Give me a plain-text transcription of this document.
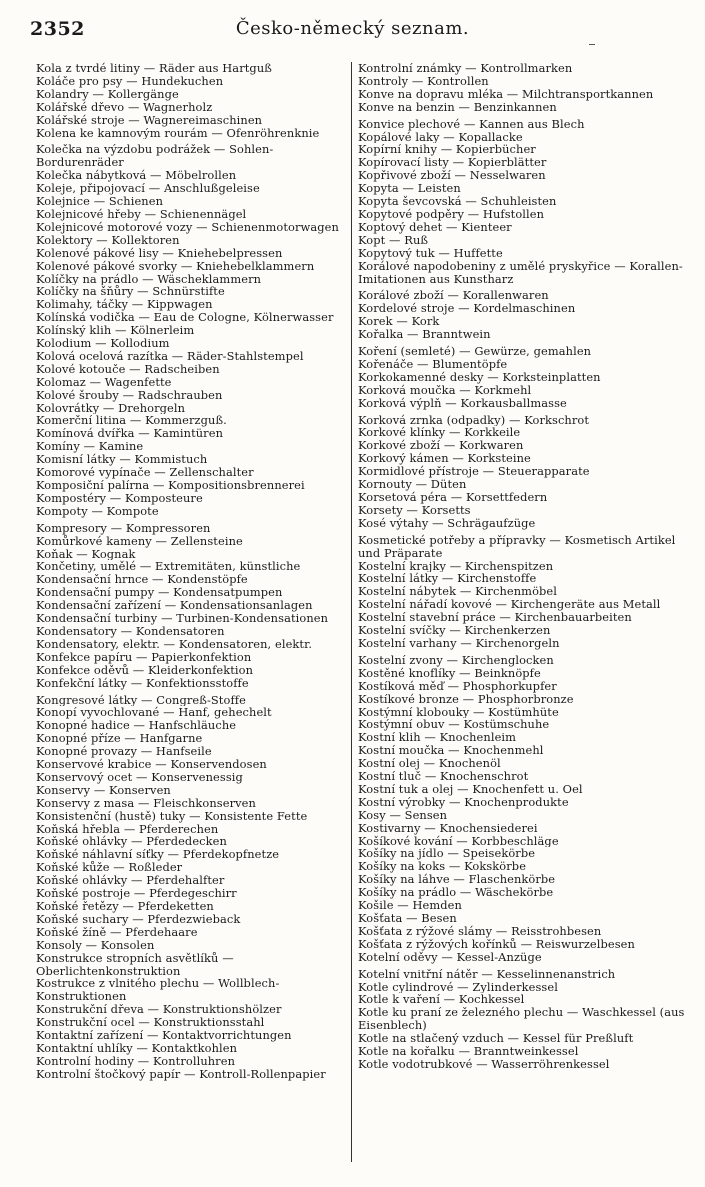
2352	Česko-německý seznam.

Kola z tvrdé litiny — Räder aus Hartguß

Koláče pro psy — Hundekuchen

Kolandry — Kollergänge

Kolářské dřevo — Wagnerholz

Kolářské stroje — Wagnereimaschinen

Kolena ke kamnovým rourám — Ofenröhrenknie

Kolečka na výzdobu podrážek — Sohlen-Bordurenräder

Kolečka nábytková — Möbelrollen

Koleje, připojovací — Anschlußgeleise

Kolejnice — Schienen

Kolejnicové hřeby — Schienennägel

Kolejnicové motorové vozy — Schienenmotorwagen

Kolektory — Kollektoren

Kolenové pákové lisy — Kniehebelpressen

Kolenové pákové svorky — Kniehebelklammern

Kolíčky na prádlo — Wäscheklammern

Kolíčky na šňůry — Schnürstifte

Kolimahy, táčky — Kippwagen

Kolínská vodička — Eau de Cologne, Kölnerwasser

Kolínský klih — Kölnerleim

Kolodium — Kollodium

Kolová ocelová razítka — Räder-Stahlstempel

Kolové kotouče — Radscheiben

Kolomaz — Wagenfette

Kolové šrouby — Radschrauben

Kolovrátky — Drehorgeln

Komerční litina — Kommerzguß.

Komínová dvířka — Kamintüren

Komíny — Kamine

Komisní látky — Kommistuch

Komorové vypínače — Zellenschalter

Komposiční palírna — Kompositionsbrennerei

Kompostéry — Komposteure

Kompoty — Kompote

Kompresory — Kompressoren

Komůrkové kameny — Zellensteine

Koňak — Kognak

Končetiny, umělé — Extremitäten, künstliche

Kondensační hrnce — Kondenstöpfe

Kondensační pumpy — Kondensatpumpen

Kondensační zařízení — Kondensationsanlagen

Kondensační turbiny — Turbinen-Kondensationen

Kondensatory — Kondensatoren

Kondensatory, elektr. — Kondensatoren, elektr.

Konfekce papíru — Papierkonfektion

Konfekce oděvů — Kleiderkonfektion

Konfekční látky — Konfektionsstoffe

Kongresové látky — Congreß-Stoffe

Konopí vyvochlované — Hanf, gehechelt

Konopné hadice — Hanfschläuche

Konopné příze — Hanfgarne

Konopné provazy — Hanfseile

Konservové krabice — Konservendosen

Konservový ocet — Konservenessig

Konservy — Konserven

Konservy z masa — Fleischkonserven

Konsistenční (hustě) tuky — Konsistente Fette

Koňská hřebla — Pferderechen

Koňské ohlávky — Pferdedecken

Koňské náhlavní síťky — Pferdekopfnetze

Koňské kůže — Roßleder

Koňské ohlávky — Pferdehalfter

Koňské postroje — Pferdegeschirr

Koňské řetězy — Pferdeketten

Koňské suchary — Pferdezwieback

Koňské žíně — Pferdehaare

Konsoly — Konsolen

Konstrukce stropních asvětlíků — Oberlichtenkonstruktion

Kostrukce z vlnitého plechu — Wollblech-Konstruktionen

Konstrukční dřeva — Konstruktionshölzer

Konstrukční ocel — Konstruktionsstahl

Kontaktní zařízení — Kontaktvorrichtungen

Kontaktní uhlíky — Kontaktkohlen

Kontrolní hodiny — Kontrolluhren

Kontrolní štočkový papír — Kontroll-Rollenpapier

Kontrolní známky — Kontrollmarken

Kontroly — Kontrollen

Konve na dopravu mléka — Milchtransportkannen

Konve na benzin — Benzinkannen

Konvice plechové — Kannen aus Blech

Kopálové laky — Kopallacke

Kopírní knihy — Kopierbücher

Kopírovací listy — Kopierblätter

Kopřivové zboží — Nesselwaren

Kopyta — Leisten

Kopyta ševcovská — Schuhleisten

Kopytové podpěry — Hufstollen

Koptový dehet — Kienteer

Kopt — Ruß

Kopytový tuk — Huffette

Korálové napodobeniny z umělé pryskyřice — Korallen-Imitationen aus Kunstharz

Korálové zboží — Korallenwaren

Kordelové stroje — Kordelmaschinen

Korek — Kork

Kořalka — Branntwein

Koření (semleté) — Gewürze, gemahlen

Kořenáče — Blumentöpfe

Korkokamenné desky — Korksteinplatten

Korková moučka — Korkmehl

Korková výplň — Korkausballmasse

Korková zrnka (odpadky) — Korkschrot

Korkové klínky — Korkkeile

Korkové zboží — Korkwaren

Korkový kámen — Korksteine

Kormidlové přístroje — Steuerapparate

Kornouty — Düten

Korsetová péra — Korsettfedern

Korsety — Korsetts

Kosé výtahy — Schrägaufzüge

Kosmetické potřeby a přípravky — Kosmetisch Artikel und Präparate

Kostelní krajky — Kirchenspitzen

Kostelní látky — Kirchenstoffe

Kostelní nábytek — Kirchenmöbel

Kostelní nářadí kovové — Kirchengeräte aus Metall

Kostelní stavební práce — Kirchenbauarbeiten

Kostelní svíčky — Kirchenkerzen

Kostelní varhany — Kirchenorgeln

Kostelní zvony — Kirchenglocken

Kostěné knoflíky — Beinknöpfe

Kostíková měď — Phosphorkupfer

Kostíkové bronze — Phosphorbronze

Kostýmní klobouky — Kostümhüte

Kostýmní obuv — Kostümschuhe

Kostní klih — Knochenleim

Kostní moučka — Knochenmehl

Kostní olej — Knochenöl

Kostní tluč — Knochenschrot

Kostní tuk a olej — Knochenfett u. Oel

Kostní výrobky — Knochenprodukte

Kosy — Sensen

Kostivarny — Knochensiederei

Košíkové kování — Korbbeschläge

Košíky na jídlo — Speisekörbe

Košíky na koks — Kokskörbe

Košíky na láhve — Flaschenkörbe

Košíky na prádlo — Wäschekörbe

Košile — Hemden

Košťata — Besen

Košťata z rýžové slámy — Reisstrohbesen

Košťata z rýžových kořínků — Reiswurzelbesen

Kotelní oděvy — Kessel-Anzüge

Kotelní vnitřní nátěr — Kesselinnenanstrich

Kotle cylindrové — Zylinderkessel

Kotle k vaření — Kochkessel

Kotle ku praní ze železného plechu — Waschkessel (aus Eisenblech)

Kotle na stlačený vzduch — Kessel für Preßluft

Kotle na kořalku — Branntweinkessel

Kotle vodotrubkové — Wasserröhrenkessel
